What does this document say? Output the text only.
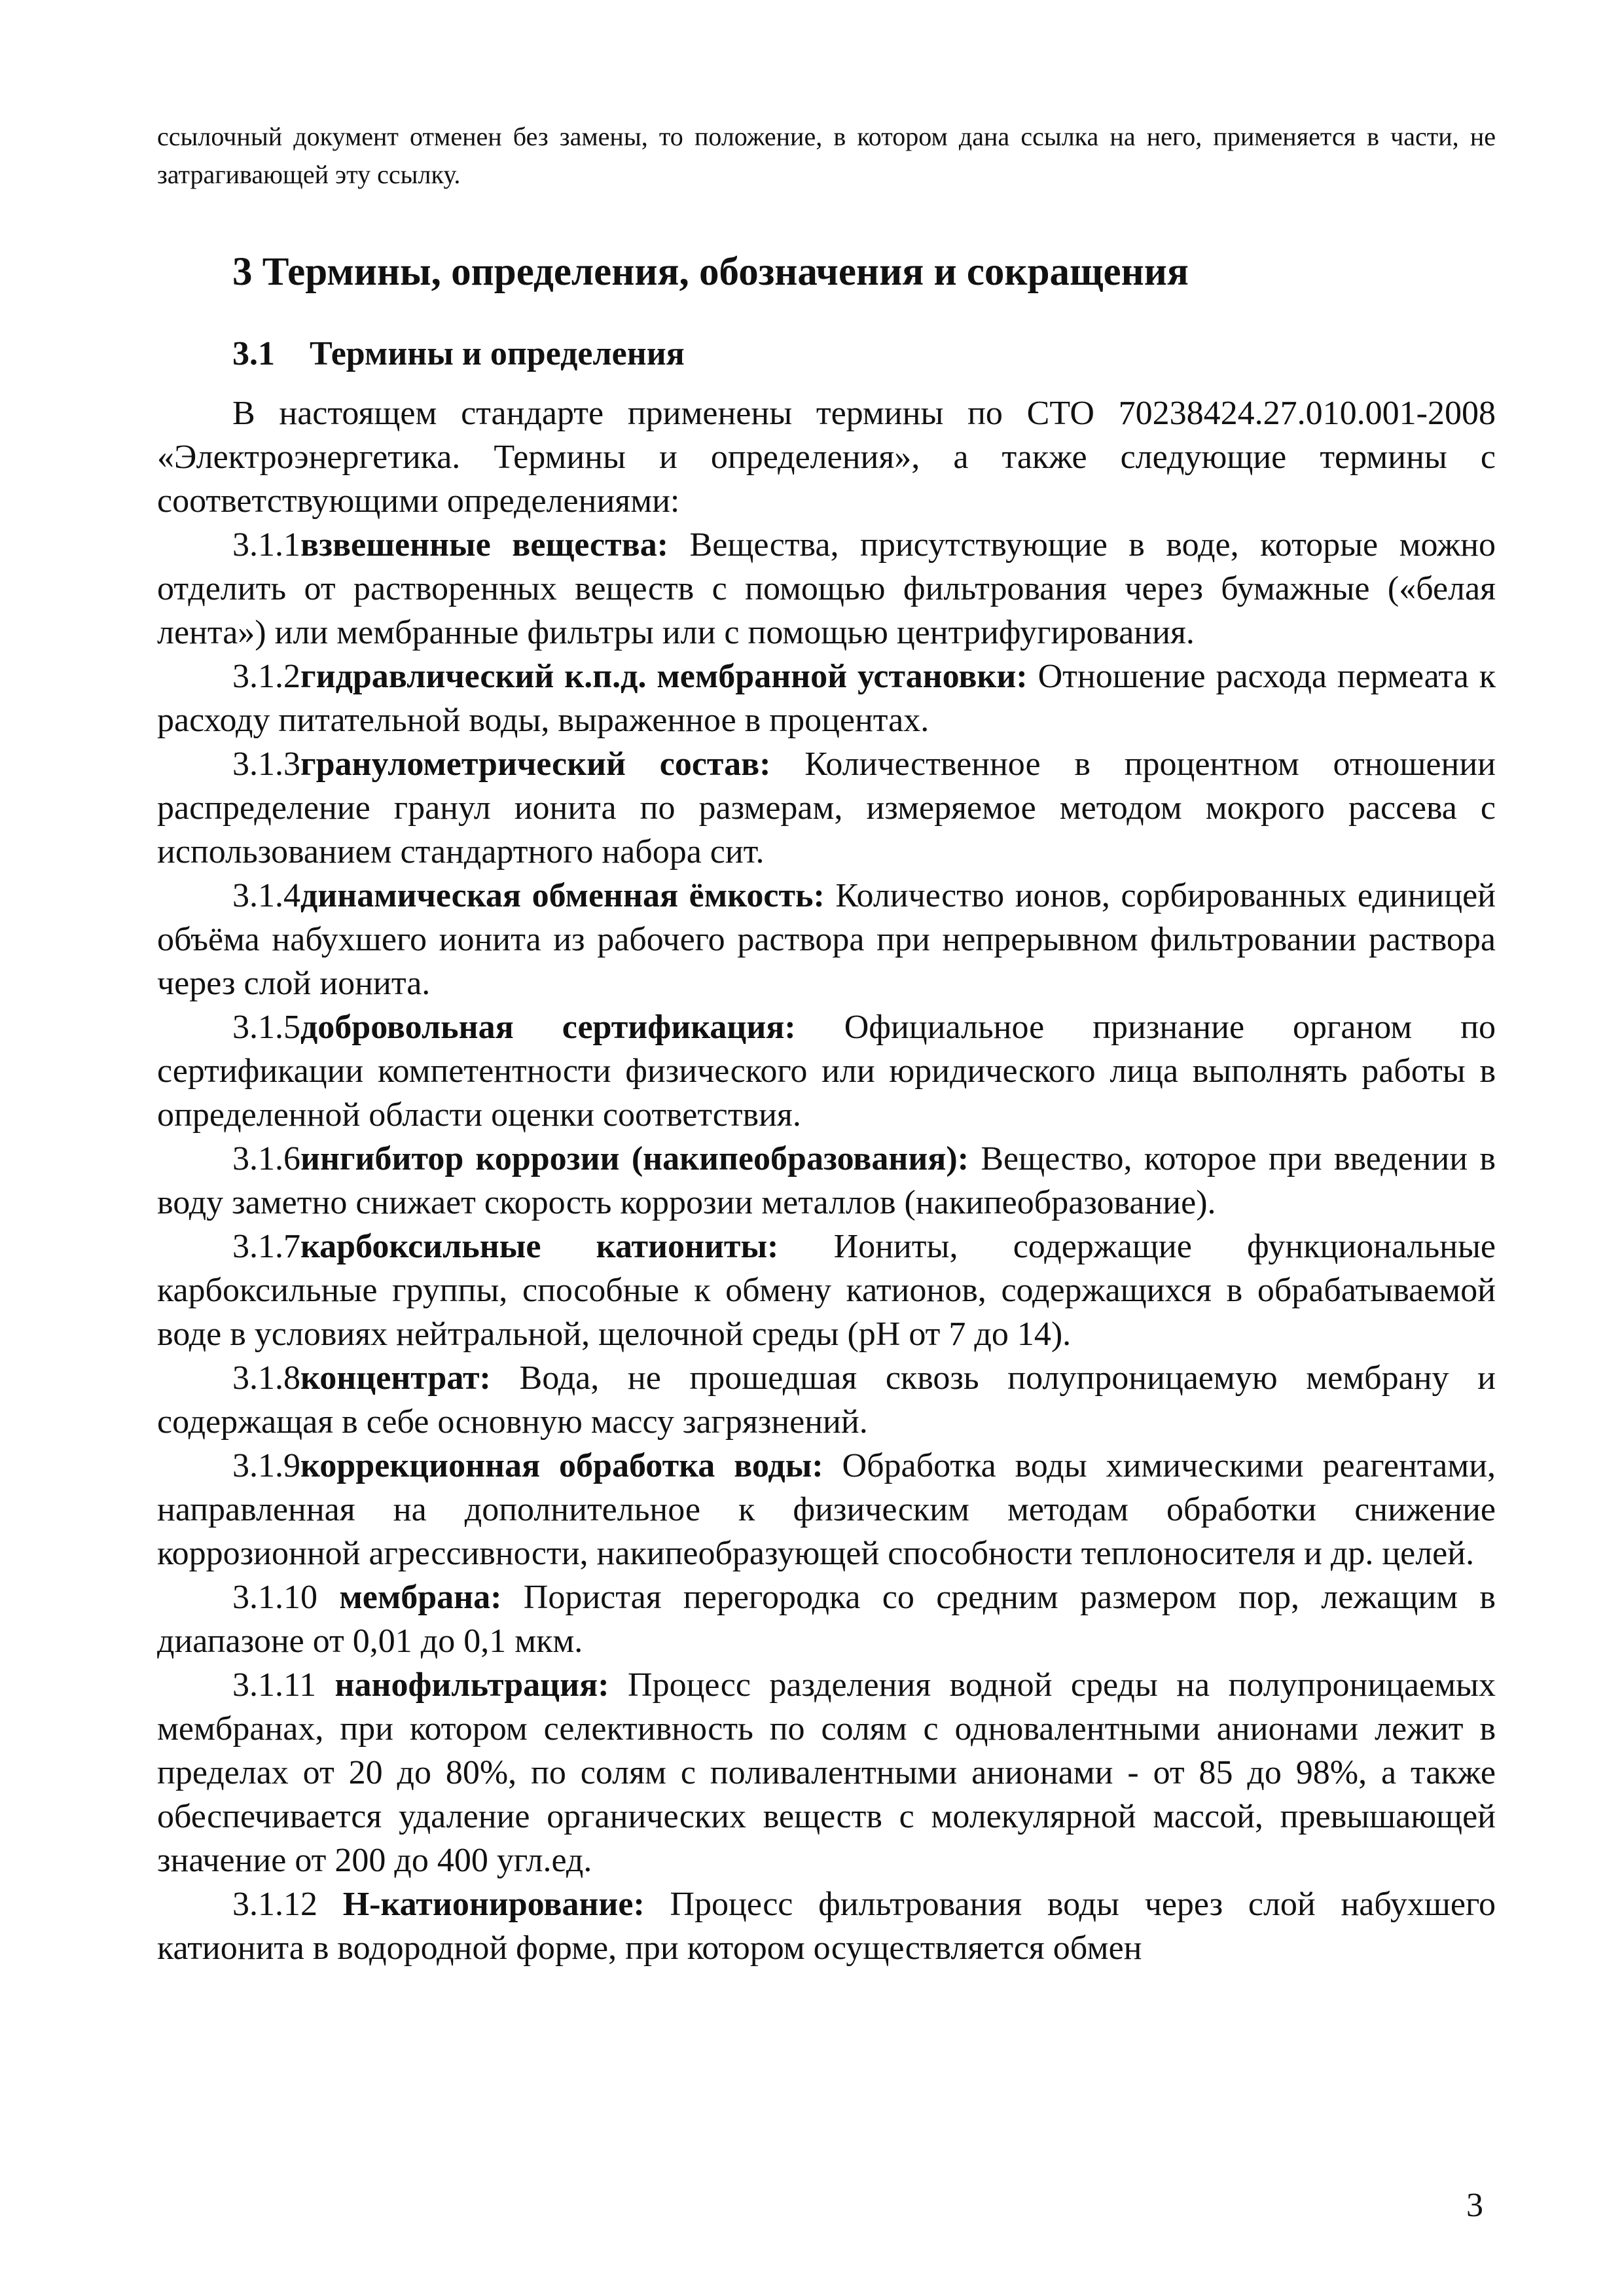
ссылочный документ отменен без замены, то положение, в котором дана ссылка на него, применяется в части, не затрагивающей эту ссылку.

3 Термины, определения, обозначения и сокращения
3.1 Термины и определения

В настоящем стандарте применены термины по СТО 70238424.27.010.001-2008 «Электроэнергетика. Термины и определения», а также следующие термины с соответствующими определениями:

3.1.1взвешенные вещества: Вещества, присутствующие в воде, которые можно отделить от растворенных веществ с помощью фильтрования через бумажные («белая лента») или мембранные фильтры или с помощью центрифугирования.

3.1.2гидравлический к.п.д. мембранной установки: Отношение расхода пермеата к расходу питательной воды, выраженное в процентах.

3.1.3гранулометрический состав: Количественное в процентном отношении распределение гранул ионита по размерам, измеряемое методом мокрого рассева с использованием стандартного набора сит.

3.1.4динамическая обменная ёмкость: Количество ионов, сорбированных единицей объёма набухшего ионита из рабочего раствора при непрерывном фильтровании раствора через слой ионита.

3.1.5добровольная сертификация: Официальное признание органом по сертификации компетентности физического или юридического лица выполнять работы в определенной области оценки соответствия.

3.1.6ингибитор коррозии (накипеобразования): Вещество, которое при введении в воду заметно снижает скорость коррозии металлов (накипеобразование).

3.1.7карбоксильные катиониты: Иониты, содержащие функциональные карбоксильные группы, способные к обмену катионов, содержащихся в обрабатываемой воде в условиях нейтральной, щелочной среды (pH от 7 до 14).

3.1.8концентрат: Вода, не прошедшая сквозь полупроницаемую мембрану и содержащая в себе основную массу загрязнений.

3.1.9коррекционная обработка воды: Обработка воды химическими реагентами, направленная на дополнительное к физическим методам обработки снижение коррозионной агрессивности, накипеобразующей способности теплоносителя и др. целей.

3.1.10 мембрана: Пористая перегородка со средним размером пор, лежащим в диапазоне от 0,01 до 0,1 мкм.

3.1.11 нанофильтрация: Процесс разделения водной среды на полупроницаемых мембранах, при котором селективность по солям с одновалентными анионами лежит в пределах от 20 до 80%, по солям с поливалентными анионами - от 85 до 98%, а также обеспечивается удаление органических веществ с молекулярной массой, превышающей значение от 200 до 400 угл.ед.

3.1.12 Н-катионирование: Процесс фильтрования воды через слой набухшего катионита в водородной форме, при котором осуществляется обмен

3
